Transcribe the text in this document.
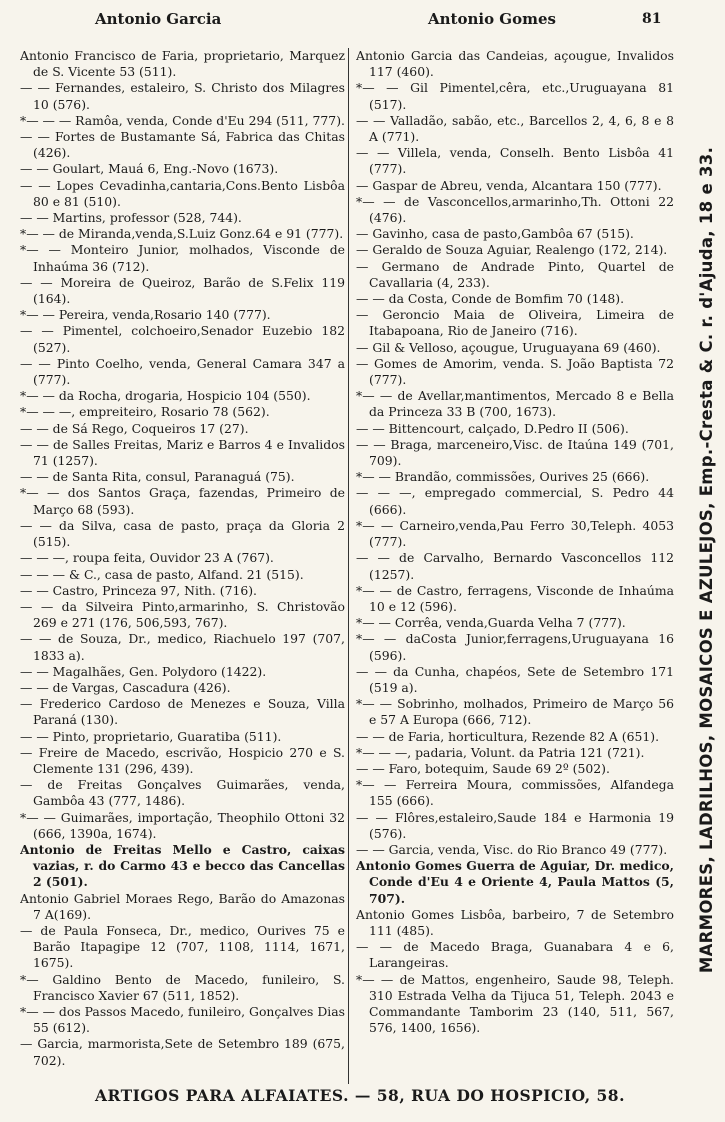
Antonio Garcia	Antonio Gomes	81

Antonio Francisco de Faria, proprietario, Marquez de S. Vicente 53 (511).

— — Fernandes, estaleiro, S. Christo dos Milagres 10 (576).

*— — — Ramôa, venda, Conde d'Eu 294 (511, 777).

— — Fortes de Bustamante Sá, Fabrica das Chitas (426).

— — Goulart, Mauá 6, Eng.-Novo (1673).

— — Lopes Cevadinha,cantaria,Cons.Bento Lisbôa 80 e 81 (510).

— — Martins, professor (528, 744).

*— — de Miranda,venda,S.Luiz Gonz.64 e 91 (777).

*— — Monteiro Junior, molhados, Visconde de Inhaúma 36 (712).

— — Moreira de Queiroz, Barão de S.Felix 119 (164).

*— — Pereira, venda,Rosario 140 (777).

— — Pimentel, colchoeiro,Senador Euzebio 182 (527).

— — Pinto Coelho, venda, General Camara 347 a (777).

*— — da Rocha, drogaria, Hospicio 104 (550).

*— — —, empreiteiro, Rosario 78 (562).

— — de Sá Rego, Coqueiros 17 (27).

— — de Salles Freitas, Mariz e Barros 4 e Invalidos 71 (1257).

— — de Santa Rita, consul, Paranaguá (75).

*— — dos Santos Graça, fazendas, Primeiro de Março 68 (593).

— — da Silva, casa de pasto, praça da Gloria 2 (515).

— — —, roupa feita, Ouvidor 23 A (767).

— — — & C., casa de pasto, Alfand. 21 (515).

— — Castro, Princeza 97, Nith. (716).

— — da Silveira Pinto,armarinho, S. Christovão 269 e 271 (176, 506,593, 767).

— — de Souza, Dr., medico, Riachuelo 197 (707, 1833 a).

— — Magalhães, Gen. Polydoro (1422).

— — de Vargas, Cascadura (426).

— Frederico Cardoso de Menezes e Souza, Villa Paraná (130).

— — Pinto, proprietario, Guaratiba (511).

— Freire de Macedo, escrivão, Hospicio 270 e S. Clemente 131 (296, 439).

— de Freitas Gonçalves Guimarães, venda, Gambôa 43 (777, 1486).

*— — Guimarães, importação, Theophilo Ottoni 32 (666, 1390a, 1674).

Antonio de Freitas Mello e Castro, caixas vazias, r. do Carmo 43 e becco das Cancellas 2 (501).

Antonio Gabriel Moraes Rego, Barão do Amazonas 7 A(169).

— de Paula Fonseca, Dr., medico, Ourives 75 e Barão Itapagipe 12 (707, 1108, 1114, 1671, 1675).

*— Galdino Bento de Macedo, funileiro, S. Francisco Xavier 67 (511, 1852).

*— — dos Passos Macedo, funileiro, Gonçalves Dias 55 (612).

— Garcia, marmorista,Sete de Setembro 189 (675, 702).

Antonio Garcia das Candeias, açougue, Invalidos 117 (460).

*— — Gil Pimentel,cêra, etc.,Uruguayana 81 (517).

— — Valladão, sabão, etc., Barcellos 2, 4, 6, 8 e 8 A (771).

— — Villela, venda, Conselh. Bento Lisbôa 41 (777).

— Gaspar de Abreu, venda, Alcantara 150 (777).

*— — de Vasconcellos,armarinho,Th. Ottoni 22 (476).

— Gavinho, casa de pasto,Gambôa 67 (515).

— Geraldo de Souza Aguiar, Realengo (172, 214).

— Germano de Andrade Pinto, Quartel de Cavallaria (4, 233).

— — da Costa, Conde de Bomfim 70 (148).

— Geroncio Maia de Oliveira, Limeira de Itabapoana, Rio de Janeiro (716).

— Gil & Velloso, açougue, Uruguayana 69 (460).

— Gomes de Amorim, venda. S. João Baptista 72 (777).

*— — de Avellar,mantimentos, Mercado 8 e Bella da Princeza 33 B (700, 1673).

— — Bittencourt, calçado, D.Pedro II (506).

— — Braga, marceneiro,Visc. de Itaúna 149 (701, 709).

*— — Brandão, commissões, Ourives 25 (666).

— — —, empregado commercial, S. Pedro 44 (666).

*— — Carneiro,venda,Pau Ferro 30,Teleph. 4053 (777).

— — de Carvalho, Bernardo Vasconcellos 112 (1257).

*— — de Castro, ferragens, Visconde de Inhaúma 10 e 12 (596).

*— — Corrêa, venda,Guarda Velha 7 (777).

*— — daCosta Junior,ferragens,Uruguayana 16 (596).

— — da Cunha, chapéos, Sete de Setembro 171 (519 a).

*— — Sobrinho, molhados, Primeiro de Março 56 e 57 A Europa (666, 712).

— — de Faria, horticultura, Rezende 82 A (651).

*— — —, padaria, Volunt. da Patria 121 (721).

— — Faro, botequim, Saude 69 2º (502).

*— — Ferreira Moura, commissões, Alfandega 155 (666).

— — Flôres,estaleiro,Saude 184 e Harmonia 19 (576).

— — Garcia, venda, Visc. do Rio Branco 49 (777).

Antonio Gomes Guerra de Aguiar, Dr. medico, Conde d'Eu 4 e Oriente 4, Paula Mattos (5, 707).

Antonio Gomes Lisbôa, barbeiro, 7 de Setembro 111 (485).

— — de Macedo Braga, Guanabara 4 e 6, Larangeiras.

*— — de Mattos, engenheiro, Saude 98, Teleph. 310 Estrada Velha da Tijuca 51, Teleph. 2043 e Commandante Tamborim 23 (140, 511, 567, 576, 1400, 1656).

MARMORES, LADRILHOS, MOSAICOS E AZULEJOS, Emp.-Cresta & C. r. d'Ajuda, 18 e 33.
ARTIGOS PARA ALFAIATES. — 58, RUA DO HOSPICIO, 58.
